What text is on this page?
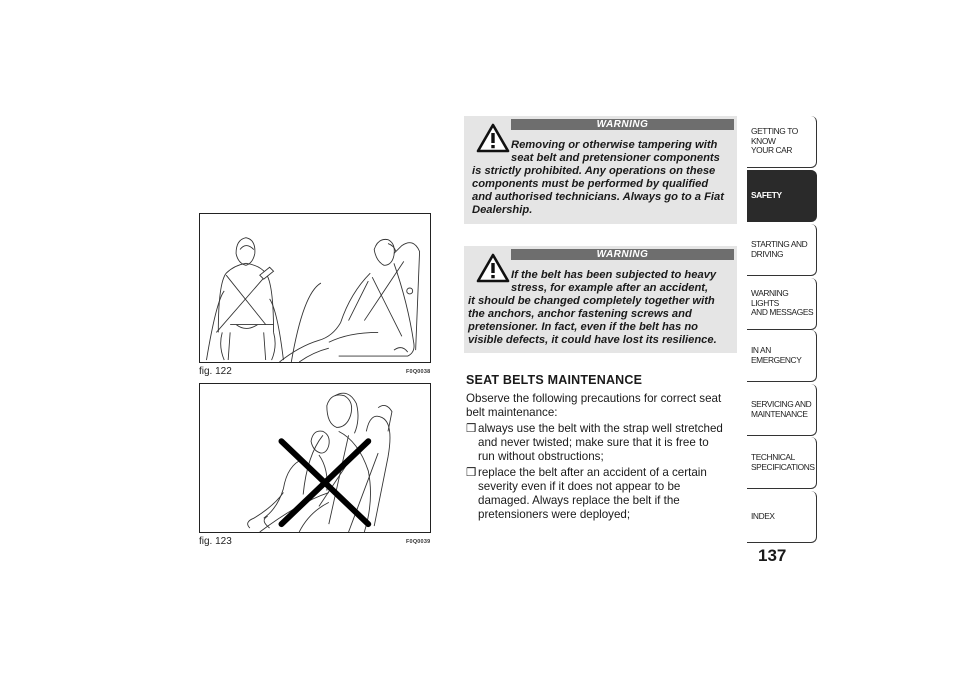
fig. 122	F0Q0038
fig. 123	F0Q0039
WARNING
Removing or otherwise tampering with
seat belt and pretensioner components
is strictly prohibited. Any operations on these
components must be performed by qualified
and authorised technicians. Always go to a Fiat
Dealership.
WARNING
If the belt has been subjected to heavy
stress, for example after an accident,
it should be changed completely together with
the anchors, anchor fastening screws and
pretensioner. In fact, even if the belt has no
visible defects, it could have lost its resilience.
SEAT BELTS MAINTENANCE
Observe the following precautions for correct seat
belt maintenance:
❒ always use the belt with the strap well stretched
and never twisted; make sure that it is free to
run without obstructions;
❒ replace the belt after an accident of a certain
severity even if it does not appear to be
damaged. Always replace the belt if the
pretensioners were deployed;
GETTING TO KNOW
YOUR CAR
SAFETY
STARTING AND
DRIVING
WARNING LIGHTS
AND MESSAGES
IN AN EMERGENCY
SERVICING AND
MAINTENANCE
TECHNICAL
SPECIFICATIONS
INDEX
137
